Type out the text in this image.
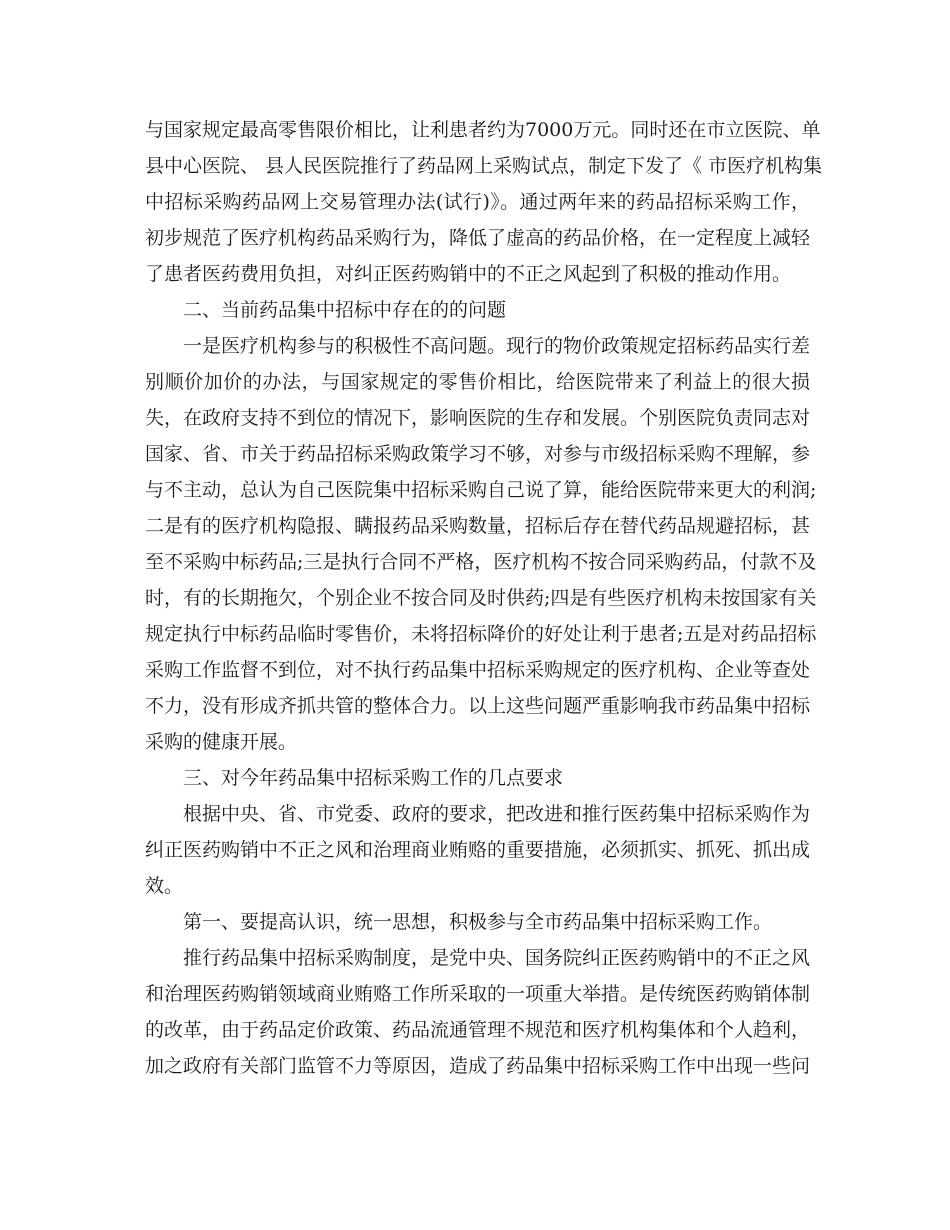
与国家规定最高零售限价相比，让利患者约为7000万元。同时还在市立医院、单

县中心医院、 县人民医院推行了药品网上采购试点，制定下发了《 市医疗机构集

中招标采购药品网上交易管理办法(试行)》。通过两年来的药品招标采购工作，

初步规范了医疗机构药品采购行为，降低了虚高的药品价格，在一定程度上减轻

了患者医药费用负担，对纠正医药购销中的不正之风起到了积极的推动作用。

二、当前药品集中招标中存在的的问题

一是医疗机构参与的积极性不高问题。现行的物价政策规定招标药品实行差

别顺价加价的办法，与国家规定的零售价相比，给医院带来了利益上的很大损

失，在政府支持不到位的情况下，影响医院的生存和发展。个别医院负责同志对

国家、省、市关于药品招标采购政策学习不够，对参与市级招标采购不理解，参

与不主动，总认为自己医院集中招标采购自己说了算，能给医院带来更大的利润;

二是有的医疗机构隐报、瞒报药品采购数量，招标后存在替代药品规避招标，甚

至不采购中标药品;三是执行合同不严格，医疗机构不按合同采购药品，付款不及

时，有的长期拖欠，个别企业不按合同及时供药;四是有些医疗机构未按国家有关

规定执行中标药品临时零售价，未将招标降价的好处让利于患者;五是对药品招标

采购工作监督不到位，对不执行药品集中招标采购规定的医疗机构、企业等查处

不力，没有形成齐抓共管的整体合力。以上这些问题严重影响我市药品集中招标

采购的健康开展。

三、对今年药品集中招标采购工作的几点要求

根据中央、省、市党委、政府的要求，把改进和推行医药集中招标采购作为

纠正医药购销中不正之风和治理商业贿赂的重要措施，必须抓实、抓死、抓出成

效。

第一、要提高认识，统一思想，积极参与全市药品集中招标采购工作。

推行药品集中招标采购制度，是党中央、国务院纠正医药购销中的不正之风

和治理医药购销领域商业贿赂工作所采取的一项重大举措。是传统医药购销体制

的改革，由于药品定价政策、药品流通管理不规范和医疗机构集体和个人趋利，

加之政府有关部门监管不力等原因，造成了药品集中招标采购工作中出现一些问
